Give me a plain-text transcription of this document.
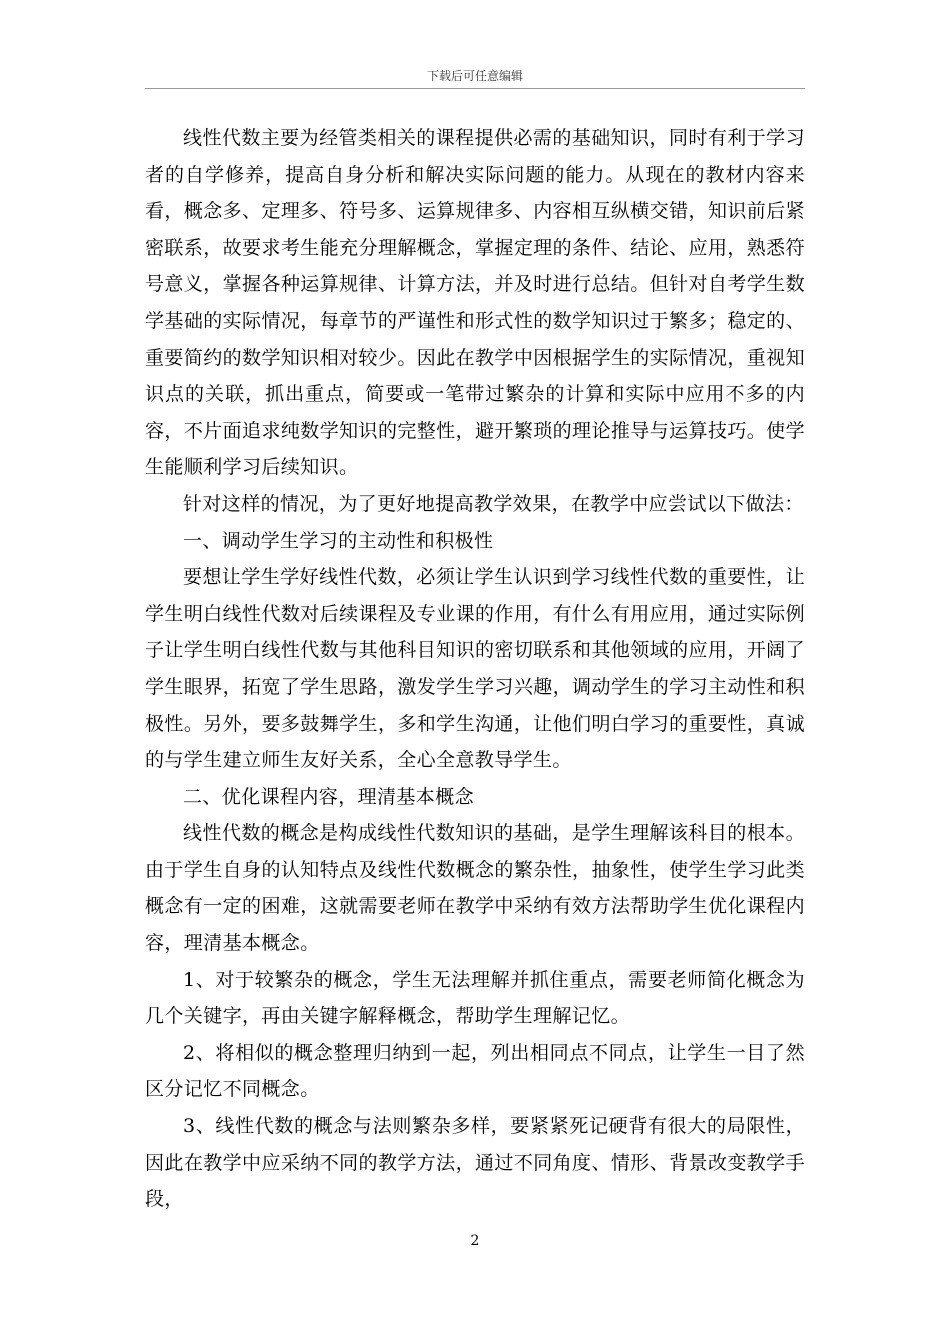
下载后可任意编辑

线性代数主要为经管类相关的课程提供必需的基础知识，同时有利于学习者的自学修养，提高自身分析和解决实际问题的能力。从现在的教材内容来看，概念多、定理多、符号多、运算规律多、内容相互纵横交错，知识前后紧密联系，故要求考生能充分理解概念，掌握定理的条件、结论、应用，熟悉符号意义，掌握各种运算规律、计算方法，并及时进行总结。但针对自考学生数学基础的实际情况，每章节的严谨性和形式性的数学知识过于繁多；稳定的、重要简约的数学知识相对较少。因此在教学中因根据学生的实际情况，重视知识点的关联，抓出重点，简要或一笔带过繁杂的计算和实际中应用不多的内容，不片面追求纯数学知识的完整性，避开繁琐的理论推导与运算技巧。使学生能顺利学习后续知识。

针对这样的情况，为了更好地提高教学效果，在教学中应尝试以下做法：

一、调动学生学习的主动性和积极性

要想让学生学好线性代数，必须让学生认识到学习线性代数的重要性，让学生明白线性代数对后续课程及专业课的作用，有什么有用应用，通过实际例子让学生明白线性代数与其他科目知识的密切联系和其他领域的应用，开阔了学生眼界，拓宽了学生思路，激发学生学习兴趣，调动学生的学习主动性和积极性。另外，要多鼓舞学生，多和学生沟通，让他们明白学习的重要性，真诚的与学生建立师生友好关系，全心全意教导学生。

二、优化课程内容，理清基本概念

线性代数的概念是构成线性代数知识的基础，是学生理解该科目的根本。由于学生自身的认知特点及线性代数概念的繁杂性，抽象性，使学生学习此类概念有一定的困难，这就需要老师在教学中采纳有效方法帮助学生优化课程内容，理清基本概念。

1、对于较繁杂的概念，学生无法理解并抓住重点，需要老师简化概念为几个关键字，再由关键字解释概念，帮助学生理解记忆。

2、将相似的概念整理归纳到一起，列出相同点不同点，让学生一目了然区分记忆不同概念。

3、线性代数的概念与法则繁杂多样，要紧紧死记硬背有很大的局限性，因此在教学中应采纳不同的教学方法，通过不同角度、情形、背景改变教学手段，

2
